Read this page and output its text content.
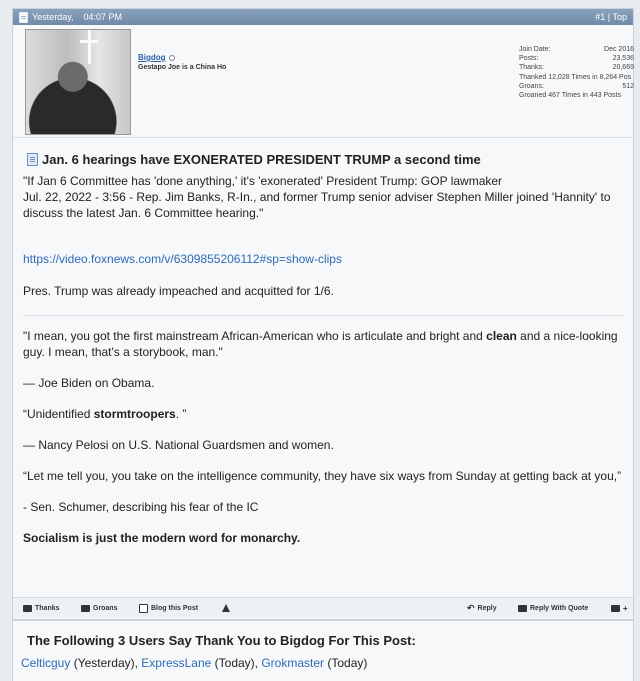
Yesterday, 04:07 PM	#1 | Top
Bigdog
Gestapo Joe is a China Ho
Join Date:	Dec 2016
Posts:	23,536
Thanks:	20,669
Thanked 12,028 Times in 8,264 Pos
Groans:	512
Groaned 467 Times in 443 Posts
Jan. 6 hearings have EXONERATED PRESIDENT TRUMP a second time

"If Jan 6 Committee has 'done anything,' it's 'exonerated' President Trump: GOP lawmaker

Jul. 22, 2022 - 3:56 - Rep. Jim Banks, R-In., and former Trump senior adviser Stephen Miller joined 'Hannity' to discuss the latest Jan. 6 Committee hearing."

https://video.foxnews.com/v/6309855206112#sp=show-clips

Pres. Trump was already impeached and acquitted for 1/6.

"I mean, you got the first mainstream African-American who is articulate and bright and clean and a nice-looking guy. I mean, that's a storybook, man."

— Joe Biden on Obama.

“Unidentified stormtroopers. ”

— Nancy Pelosi on U.S. National Guardsmen and women.

“Let me tell you, you take on the intelligence community, they have six ways from Sunday at getting back at you,”

- Sen. Schumer, describing his fear of the IC

Socialism is just the modern word for monarchy.

Thanks	Groans	Blog this Post	↶ Reply	Reply With Quote	+
The Following 3 Users Say Thank You to Bigdog For This Post:
Celticguy (Yesterday), ExpressLane (Today), Grokmaster (Today)
